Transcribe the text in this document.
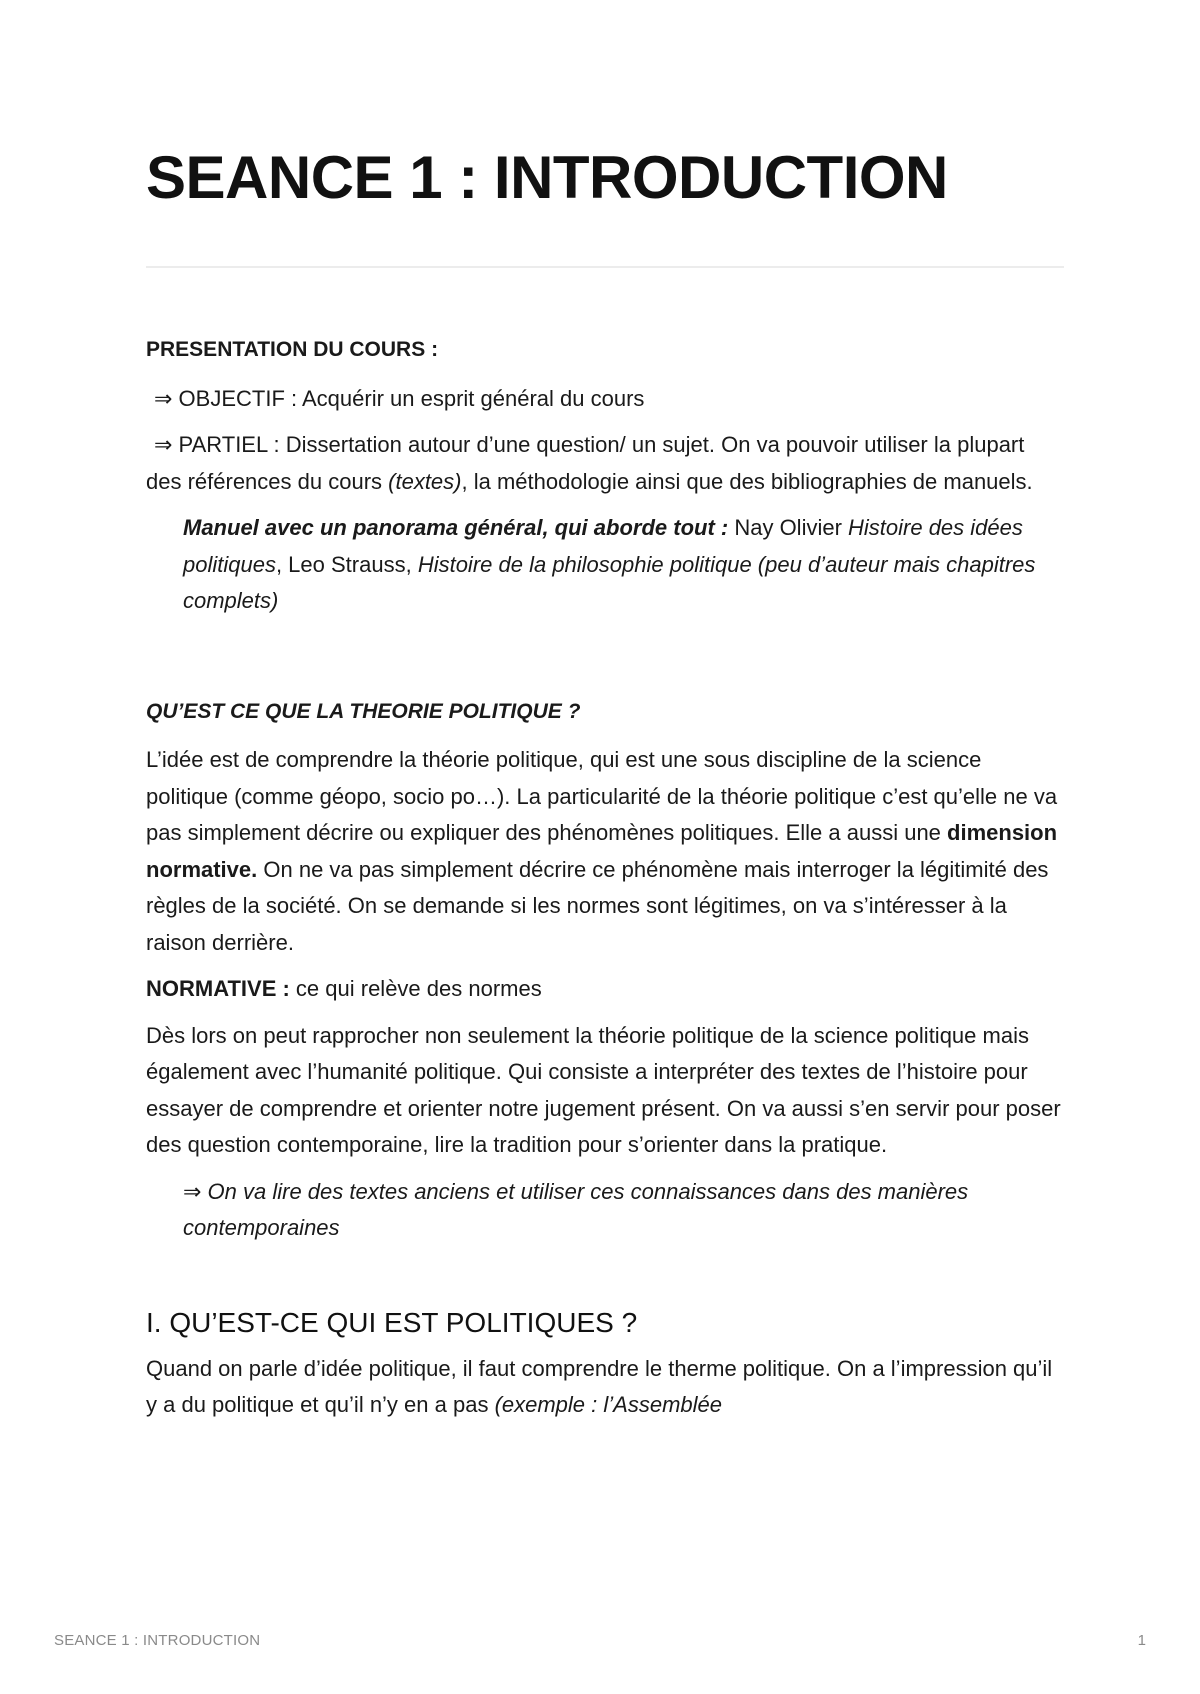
SEANCE 1 : INTRODUCTION

PRESENTATION DU COURS :

⇒ OBJECTIF : Acquérir un esprit général du cours

⇒ PARTIEL : Dissertation autour d’une question/ un sujet. On va pouvoir utiliser la plupart des références du cours (textes), la méthodologie ainsi que des bibliographies de manuels.

Manuel avec un panorama général, qui aborde tout : Nay Olivier Histoire des idées politiques, Leo Strauss, Histoire de la philosophie politique (peu d’auteur mais chapitres complets)

QU’EST CE QUE LA THEORIE POLITIQUE ?

L’idée est de comprendre la théorie politique, qui est une sous discipline de la science politique (comme géopo, socio po…). La particularité de la théorie politique c’est qu’elle ne va pas simplement décrire ou expliquer des phénomènes politiques. Elle a aussi une dimension normative. On ne va pas simplement décrire ce phénomène mais interroger la légitimité des règles de la société. On se demande si les normes sont légitimes, on va s’intéresser à la raison derrière.

NORMATIVE : ce qui relève des normes

Dès lors on peut rapprocher non seulement la théorie politique de la science politique mais également avec l’humanité politique. Qui consiste a interpréter des textes de l’histoire pour essayer de comprendre et orienter notre jugement présent. On va aussi s’en servir pour poser des question contemporaine, lire la tradition pour s’orienter dans la pratique.

⇒ On va lire des textes anciens et utiliser ces connaissances dans des manières contemporaines

I. QU’EST-CE QUI EST POLITIQUES ?

Quand on parle d’idée politique, il faut comprendre le therme politique. On a l’impression qu’il y a du politique et qu’il n’y en a pas (exemple : l’Assemblée

SEANCE 1 : INTRODUCTION	1
